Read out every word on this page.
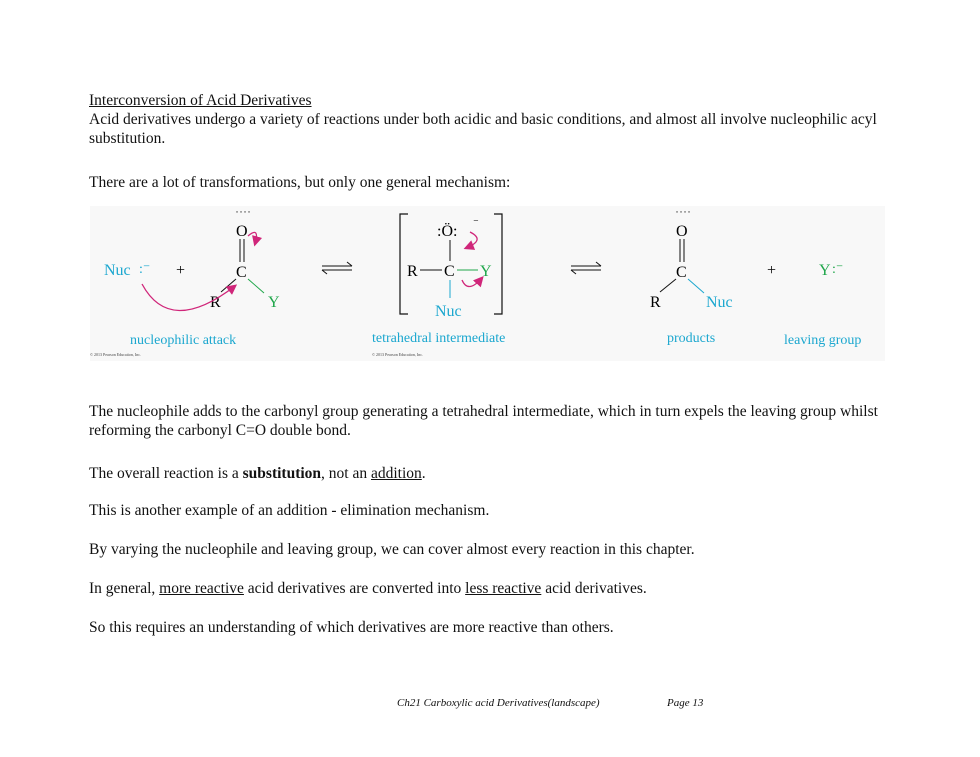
Interconversion of Acid Derivatives
Acid derivatives undergo a variety of reactions under both acidic and basic conditions, and almost all involve nucleophilic acyl substitution.
There are a lot of transformations, but only one general mechanism:
Nuc :⁻ +
O
˙˙˙˙
C
R	Y
:Ö: ⁻
R C Y
Nuc
O
˙˙˙˙
C
R	Nuc
+	Y :⁻
nucleophilic attack	tetrahedral intermediate	products	leaving group
© 2013 Pearson Education, Inc.	© 2013 Pearson Education, Inc.
The nucleophile adds to the carbonyl group generating a tetrahedral intermediate, which in turn expels the leaving group whilst reforming the carbonyl C=O double bond.
The overall reaction is a substitution, not an addition.
This is another example of an addition - elimination mechanism.
By varying the nucleophile and leaving group, we can cover almost every reaction in this chapter.
In general, more reactive acid derivatives are converted into less reactive acid derivatives.
So this requires an understanding of which derivatives are more reactive than others.
Ch21 Carboxylic acid Derivatives(landscape)	Page 13
